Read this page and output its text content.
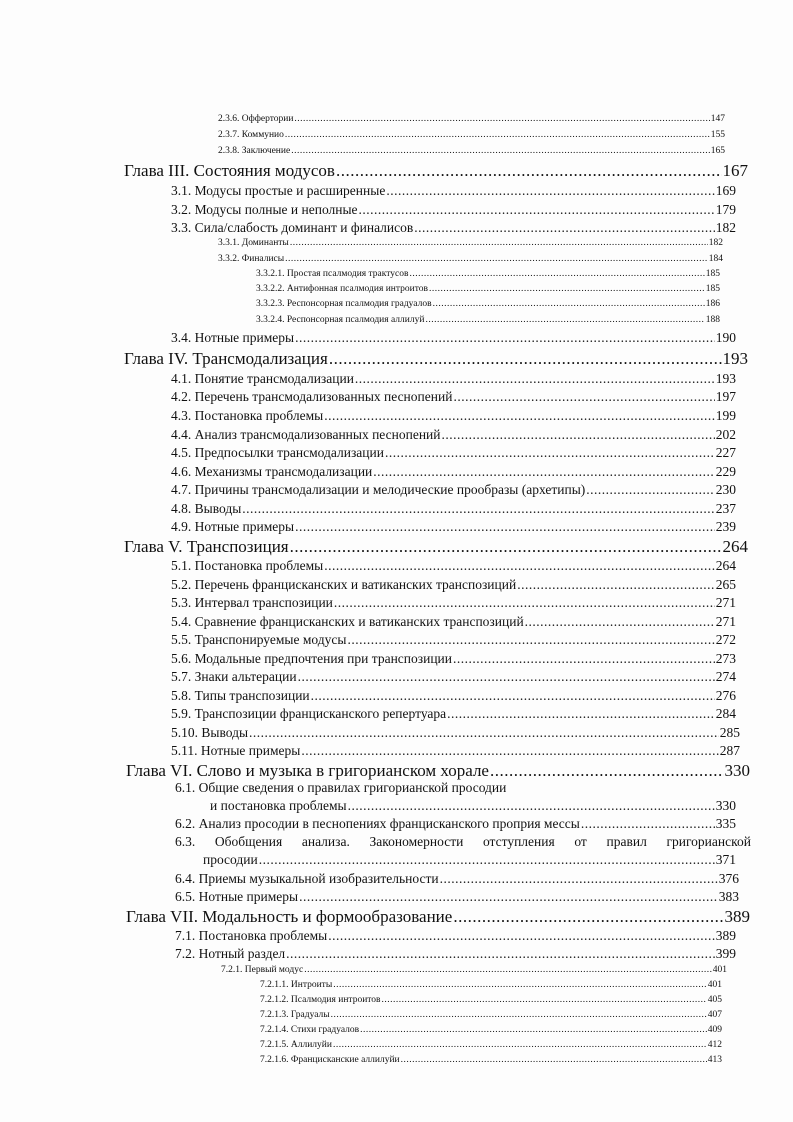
2.3.6. Оффертории .....	147
2.3.7. Коммунио .....	155
2.3.8. Заключение .....	165
Глава III. Состояния модусов .....	167
3.1. Модусы простые и расширенные .....	169
3.2. Модусы полные и неполные .....	179
3.3. Сила/слабость доминант и финалисов .....	182
3.3.1. Доминанты .....	182
3.3.2. Финалисы .....	184
3.3.2.1. Простая псалмодия трактусов .....	185
3.3.2.2. Антифонная псалмодия интроитов .....	185
3.3.2.3. Респонсорная псалмодия градуалов .....	186
3.3.2.4. Респонсорная псалмодия аллилуй .....	188
3.4. Нотные примеры .....	190
Глава IV. Трансмодализация .....	193
4.1. Понятие трансмодализации .....	193
4.2. Перечень трансмодализованных песнопений .....	197
4.3. Постановка проблемы .....	199
4.4. Анализ трансмодализованных песнопений .....	202
4.5. Предпосылки трансмодализации .....	227
4.6. Механизмы трансмодализации .....	229
4.7. Причины трансмодализации и мелодические прообразы (архетипы) .....	230
4.8. Выводы .....	237
4.9. Нотные примеры .....	239
Глава V. Транспозиция .....	264
5.1. Постановка проблемы .....	264
5.2. Перечень францисканских и ватиканских транспозиций .....	265
5.3. Интервал транспозиции .....	271
5.4. Сравнение францисканских и ватиканских транспозиций .....	271
5.5. Транспонируемые модусы .....	272
5.6. Модальные предпочтения при транспозиции .....	273
5.7. Знаки альтерации .....	274
5.8. Типы транспозиции .....	276
5.9. Транспозиции францисканского репертуара .....	284
5.10. Выводы .....	285
5.11. Нотные примеры .....	287
Глава VI. Слово и музыка в григорианском хорале .....	330
6.1. Общие сведения о правилах григорианской просодии
и постановка проблемы .....	330
6.2. Анализ просодии в песнопениях францисканского проприя мессы .....	335
6.3. Обобщения анализа. Закономерности отступления от правил григорианской
просодии .....	371
6.4. Приемы музыкальной изобразительности .....	376
6.5. Нотные примеры .....	383
Глава VII. Модальность и формообразование .....	389
7.1. Постановка проблемы .....	389
7.2. Нотный раздел .....	399
7.2.1. Первый модус .....	401
7.2.1.1. Интроиты .....	401
7.2.1.2. Псалмодия интроитов .....	405
7.2.1.3. Градуалы .....	407
7.2.1.4. Стихи градуалов .....	409
7.2.1.5. Аллилуйи .....	412
7.2.1.6. Францисканские аллилуйи .....	413
